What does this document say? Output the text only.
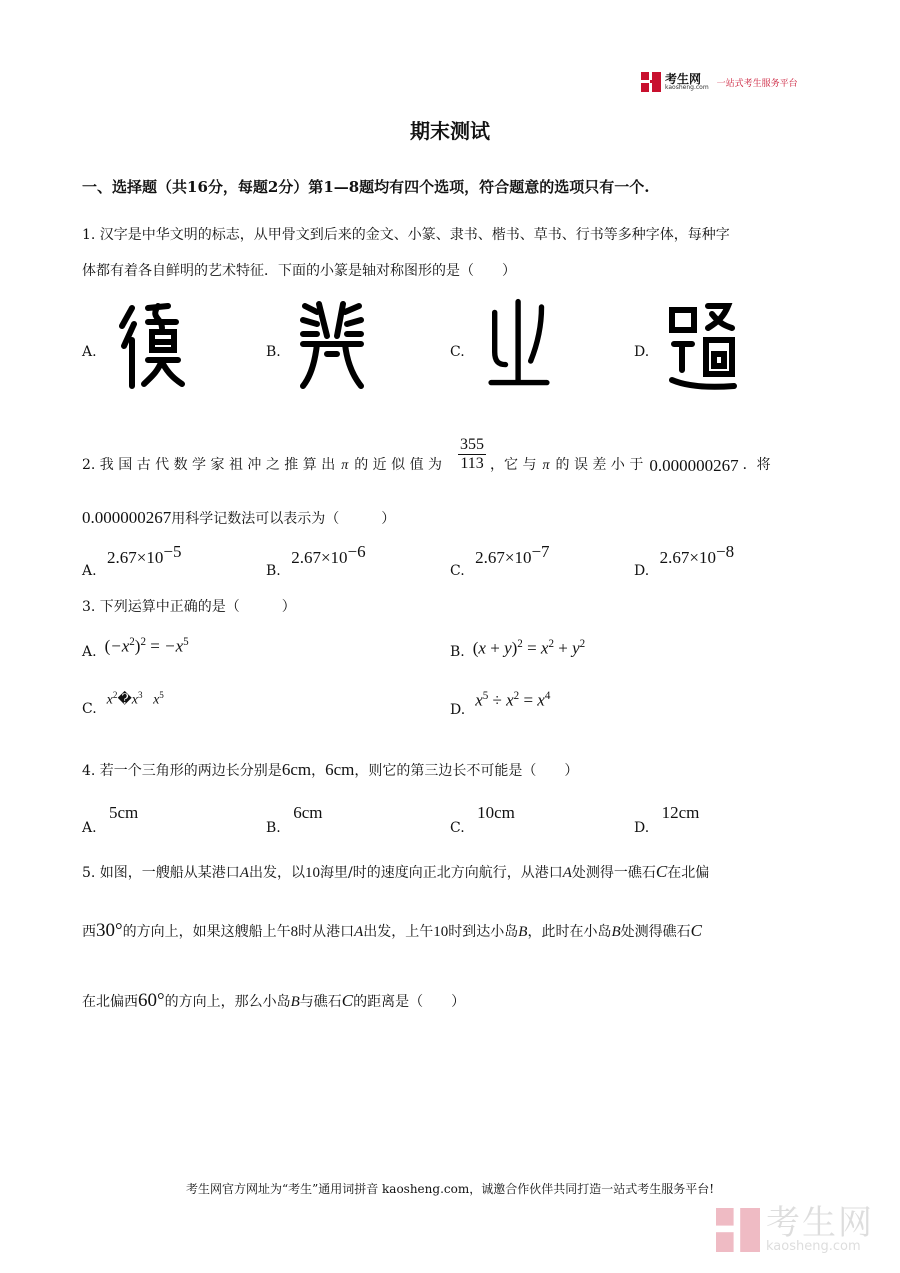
考生网
kaosheng.com 一站式考生服务平台
期末测试
一、选择题（共16分，每题2分）第1—8题均有四个选项，符合题意的选项只有一个.
1. 汉字是中华文明的标志，从甲骨文到后来的金文、小篆、隶书、楷书、草书、行书等多种字体，每种字
体都有着各自鲜明的艺术特征．下面的小篆是轴对称图形的是（　　）
A.	B.	C.	D.
2. 我 国 古 代 数 学 家 祖 冲 之 推 算 出 π 的 近 似 值 为 $\frac{355}{113}$ ，它 与 π 的 误 差 小 于 0.000000267 ．将
0.000000267用科学记数法可以表示为（　　　）
A. $2.67\times 10^{-5}$
B. $2.67\times 10^{-6}$
C. $2.67\times 10^{-7}$
D. $2.67\times 10^{-8}$
3. 下列运算中正确的是（　　　）
A. $(-x^2)^2 = -x^5$
B. $(x + y)^2 = x^2 + y^2$
C.
$x^2�x^3$ $x^5$
D.
$x^5 \div x^2 = x^4$
4. 若一个三角形的两边长分别是6cm，6cm，则它的第三边长不可能是（　　）
A. 5cm
B. 6cm
C. 10cm
D. 12cm
5. 如图，一艘船从某港口A出发，以10海里/时的速度向正北方向航行，从港口A处测得一礁石C在北偏
西30°的方向上，如果这艘船上午8时从港口A出发，上午10时到达小岛B，此时在小岛B处测得礁石C
在北偏西60°的方向上，那么小岛B与礁石C的距离是（　　）
考生网官方网址为“考生”通用词拼音 kaosheng.com，诚邀合作伙伴共同打造一站式考生服务平台!
考生网
kaosheng.com
